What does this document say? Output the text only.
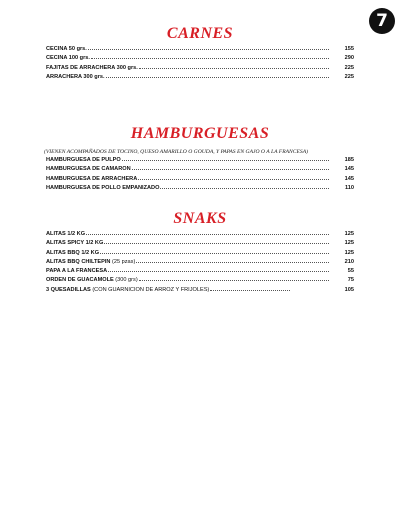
7
CARNES
CECINA 50 grs.	155
CECINA 100 grs.	290
FAJITAS DE ARRACHERA 300 grs.	225
ARRACHERA 300 grs.	225
HAMBURGUESAS
(VIENEN ACOMPAÑADOS DE TOCINO, QUESO AMARILLO O GOUDA, Y PAPAS EN GAJO O A LA FRANCESA)
HAMBURGUESA DE PULPO	185
HAMBURGUESA DE CAMARON	145
HAMBURGUESA DE ARRACHERA	145
HAMBURGUESA DE POLLO EMPANIZADO	110
SNAKS
ALITAS 1/2 KG	125
ALITAS SPICY 1/2 KG	125
ALITAS BBQ 1/2 KG	125
ALITAS BBQ CHILTEPIN (25 pzas)	210
PAPA A LA FRANCESA	55
ORDEN DE GUACAMOLE (300 grs)	75
3 QUESADILLAS (CON GUARNICION DE ARROZ Y FRIJOLES)	105
